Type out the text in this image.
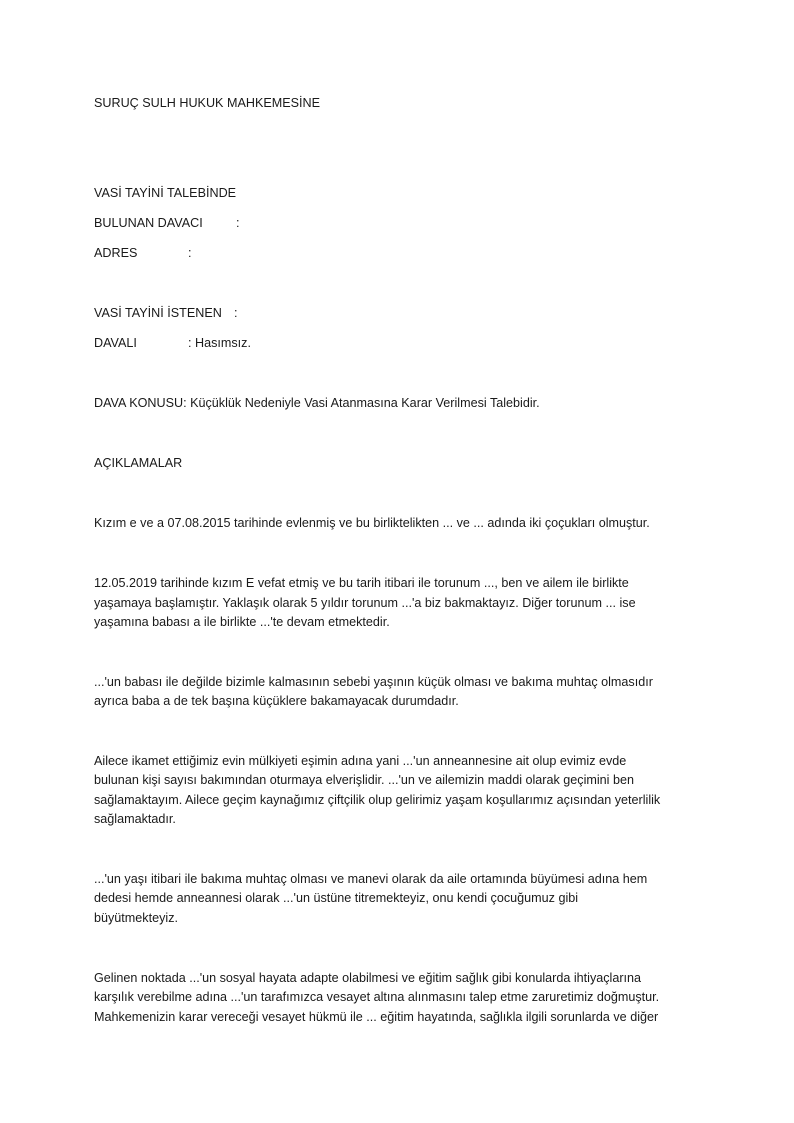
SURUÇ SULH HUKUK MAHKEMESİNE
VASİ TAYİNİ TALEBİNDE
BULUNAN DAVACI	:
ADRES	:
VASİ TAYİNİ İSTENEN :
DAVALI	: Hasımsız.
DAVA KONUSU: Küçüklük Nedeniyle Vasi Atanmasına Karar Verilmesi Talebidir.
AÇIKLAMALAR
Kızım e ve a 07.08.2015 tarihinde evlenmiş ve bu birliktelikten ... ve ... adında iki çoçukları olmuştur.
12.05.2019 tarihinde kızım E vefat etmiş ve bu tarih itibari ile torunum ..., ben ve ailem ile birlikte
yaşamaya başlamıştır. Yaklaşık olarak 5 yıldır torunum ...'a biz bakmaktayız. Diğer torunum ... ise
yaşamına babası a ile birlikte ...'te devam etmektedir.
...'un babası ile değilde bizimle kalmasının sebebi yaşının küçük olması ve bakıma muhtaç olmasıdır
ayrıca baba a de tek başına küçüklere bakamayacak durumdadır.
Ailece ikamet ettiğimiz evin mülkiyeti eşimin adına yani ...'un anneannesine ait olup evimiz evde
bulunan kişi sayısı bakımından oturmaya elverişlidir. ...'un ve ailemizin maddi olarak geçimini ben
sağlamaktayım. Ailece geçim kaynağımız çiftçilik olup gelirimiz yaşam koşullarımız açısından yeterlilik
sağlamaktadır.
...'un yaşı itibari ile bakıma muhtaç olması ve manevi olarak da aile ortamında büyümesi adına hem
dedesi hemde anneannesi olarak ...'un üstüne titremekteyiz, onu kendi çocuğumuz gibi
büyütmekteyiz.
Gelinen noktada ...'un sosyal hayata adapte olabilmesi ve eğitim sağlık gibi konularda ihtiyaçlarına
karşılık verebilme adına ...'un tarafımızca vesayet altına alınmasını talep etme zaruretimiz doğmuştur.
Mahkemenizin karar vereceği vesayet hükmü ile ... eğitim hayatında, sağlıkla ilgili sorunlarda ve diğer
